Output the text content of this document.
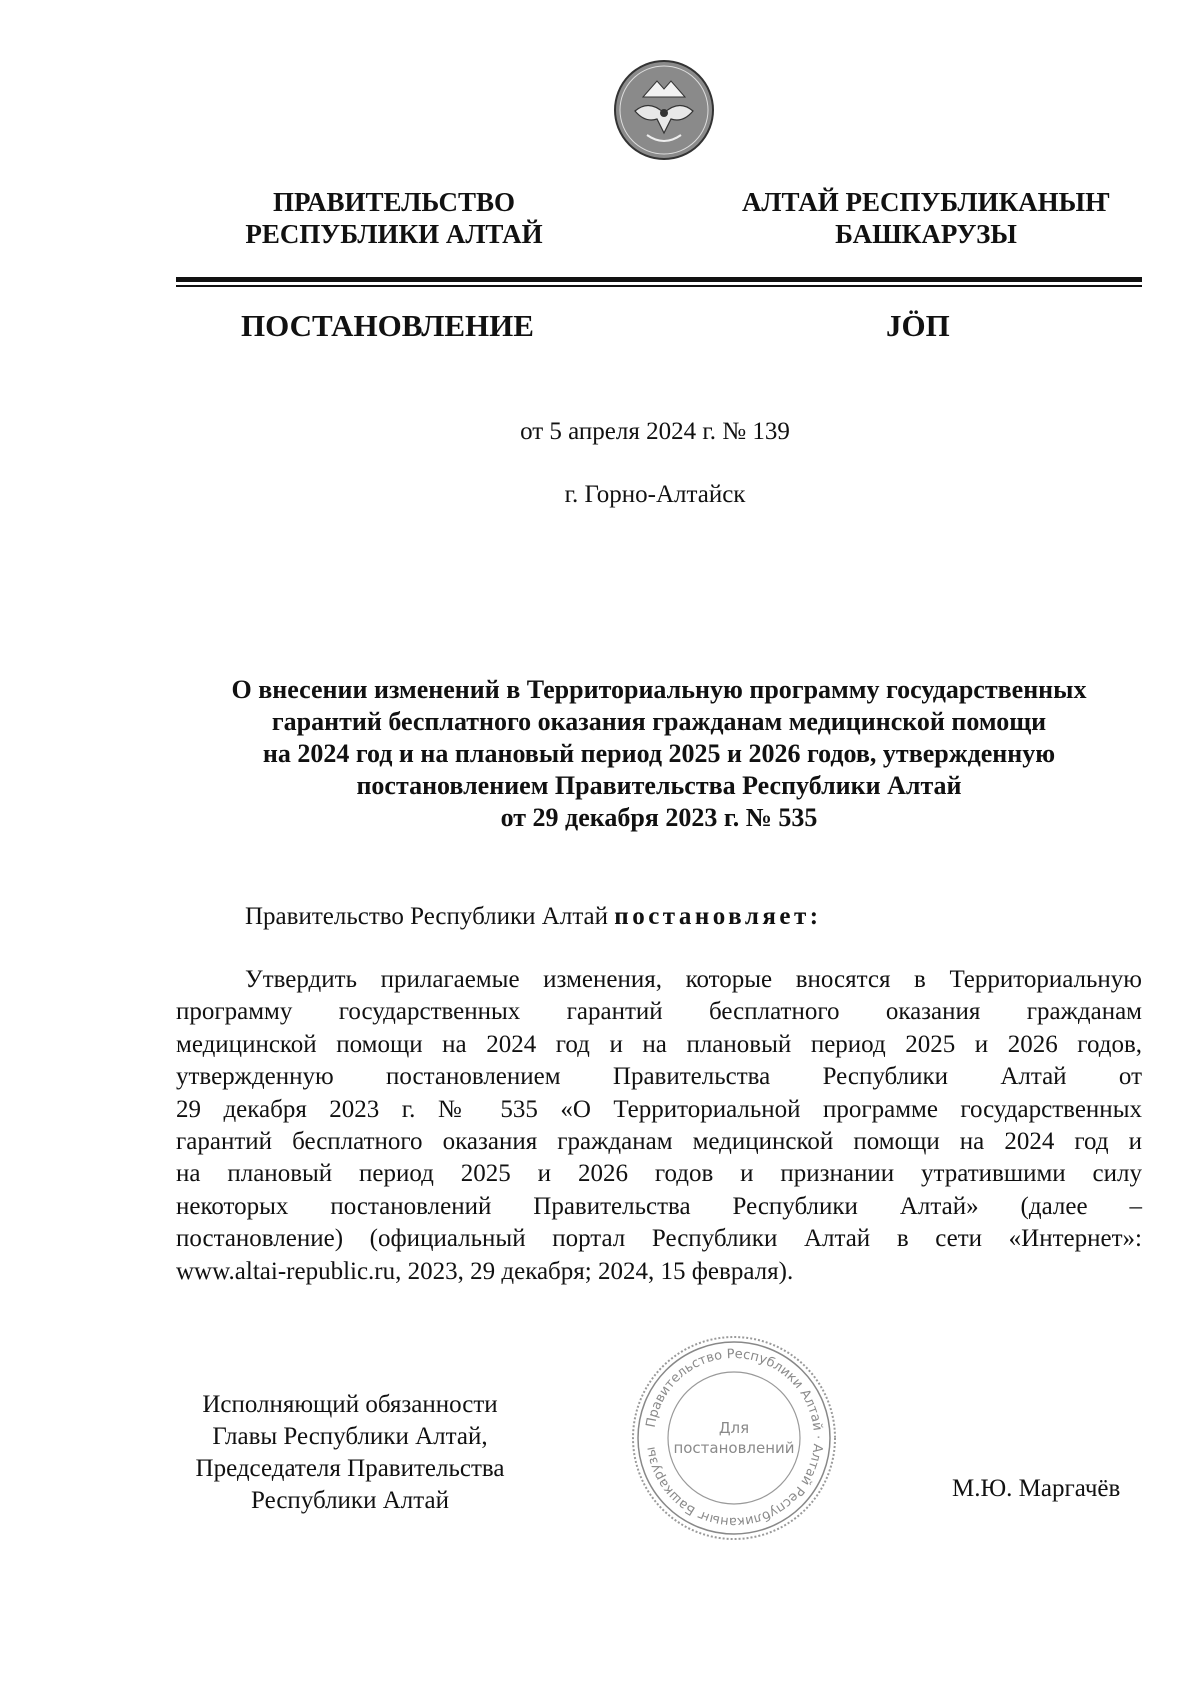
ПРАВИТЕЛЬСТВО
РЕСПУБЛИКИ АЛТАЙ
АЛТАЙ РЕСПУБЛИКАНЫҤ
БАШКАРУЗЫ
ПОСТАНОВЛЕНИЕ	JÖП
от 5 апреля 2024 г. № 139
г. Горно-Алтайск
О внесении изменений в Территориальную программу государственных
гарантий бесплатного оказания гражданам медицинской помощи
на 2024 год и на плановый период 2025 и 2026 годов, утвержденную
постановлением Правительства Республики Алтай
от 29 декабря 2023 г. № 535
Правительство Республики Алтай постановляет:
Утвердить прилагаемые изменения, которые вносятся в Территориальную
программу государственных гарантий бесплатного оказания гражданам
медицинской помощи на 2024 год и на плановый период 2025 и 2026 годов,
утвержденную постановлением Правительства Республики Алтай от
29 декабря 2023 г. № 535 «О Территориальной программе государственных
гарантий бесплатного оказания гражданам медицинской помощи на 2024 год и
на плановый период 2025 и 2026 годов и признании утратившими силу
некоторых постановлений Правительства Республики Алтай» (далее –
постановление) (официальный портал Республики Алтай в сети «Интернет»:
www.altai-republic.ru, 2023, 29 декабря; 2024, 15 февраля).
Исполняющий обязанности
Главы Республики Алтай,
Председателя Правительства
Республики Алтай
Правительство Республики Алтай · Алтай Республиканыҥ Башкарузы
Для
постановлений
М.Ю. Маргачёв
